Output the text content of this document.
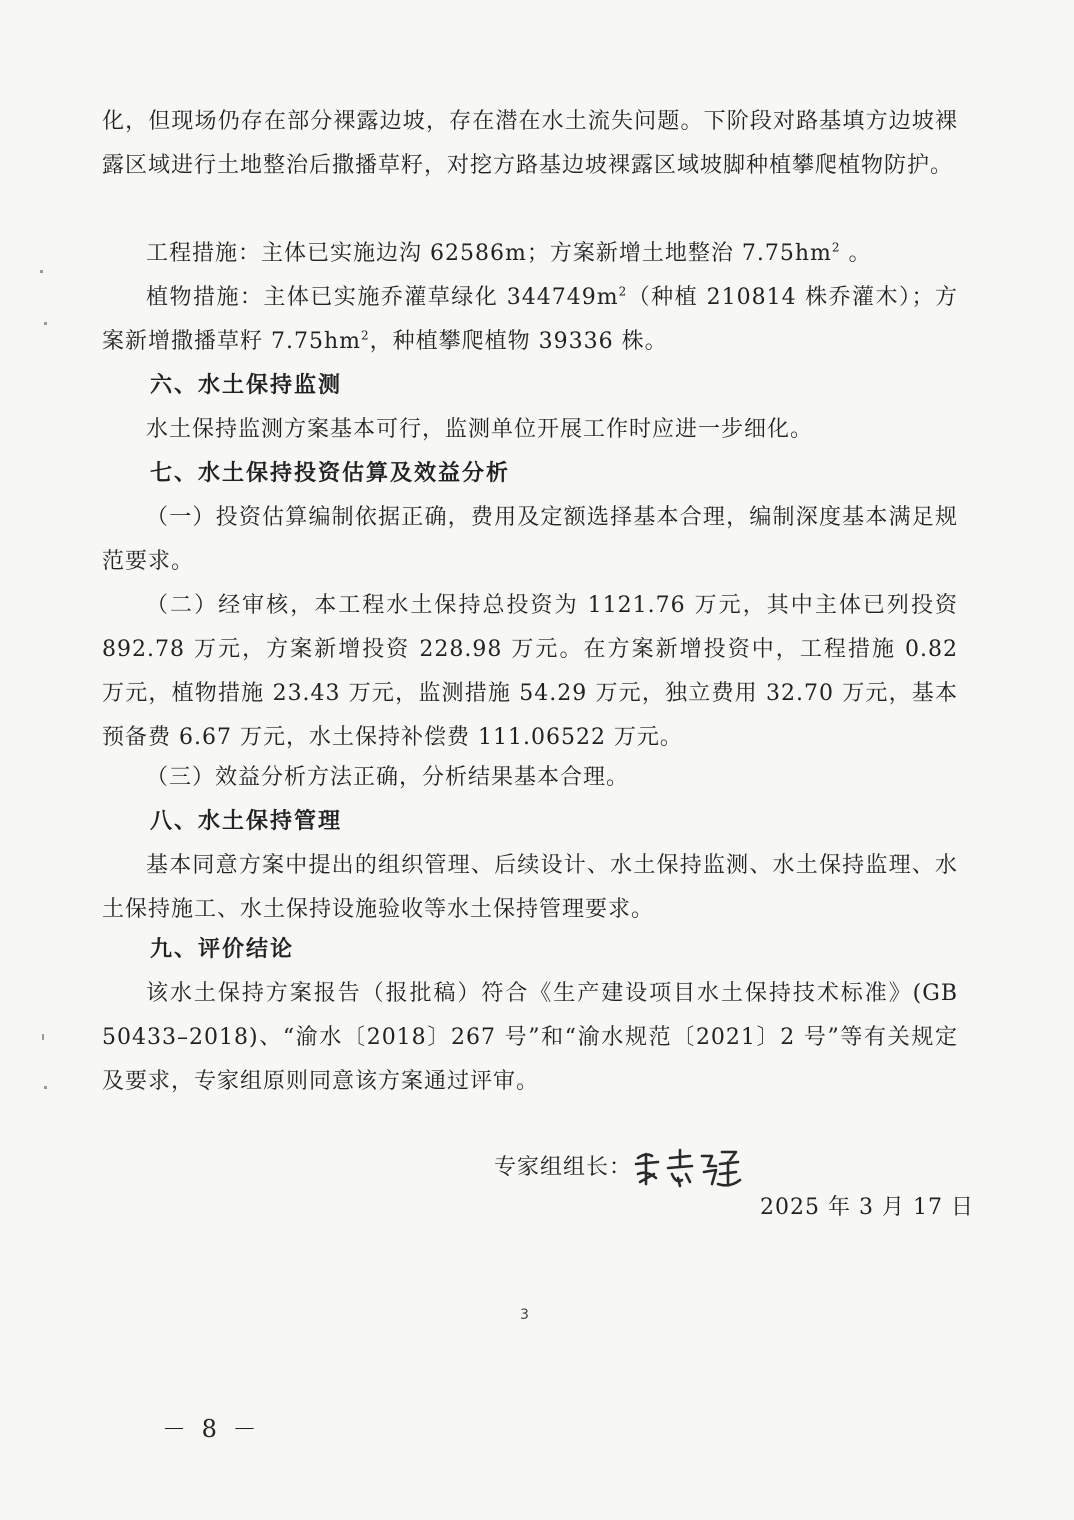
化，但现场仍存在部分裸露边坡，存在潜在水土流失问题。下阶段对路基填方边坡裸露区域进行土地整治后撒播草籽，对挖方路基边坡裸露区域坡脚种植攀爬植物防护。

工程措施：主体已实施边沟 62586m；方案新增土地整治 $7.75hm^2$ 。

植物措施：主体已实施乔灌草绿化 $344749m^2$（种植 210814 株乔灌木）；方案新增撒播草籽 $7.75hm^2$，种植攀爬植物 39336 株。

六、水土保持监测

水土保持监测方案基本可行，监测单位开展工作时应进一步细化。

七、水土保持投资估算及效益分析

（一）投资估算编制依据正确，费用及定额选择基本合理，编制深度基本满足规范要求。

（二）经审核，本工程水土保持总投资为 1121.76 万元，其中主体已列投资 892.78 万元，方案新增投资 228.98 万元。在方案新增投资中，工程措施 0.82 万元，植物措施 23.43 万元，监测措施 54.29 万元，独立费用 32.70 万元，基本预备费 6.67 万元，水土保持补偿费 111.06522 万元。

（三）效益分析方法正确，分析结果基本合理。

八、水土保持管理

基本同意方案中提出的组织管理、后续设计、水土保持监测、水土保持监理、水土保持施工、水土保持设施验收等水土保持管理要求。

九、评价结论

该水土保持方案报告（报批稿）符合《生产建设项目水土保持技术标准》(GB 50433–2018)、“渝水〔2018〕267 号”和“渝水规范〔2021〕2 号”等有关规定及要求，专家组原则同意该方案通过评审。

专家组组长：
2025 年 3 月 17 日
3
－ 8 －
